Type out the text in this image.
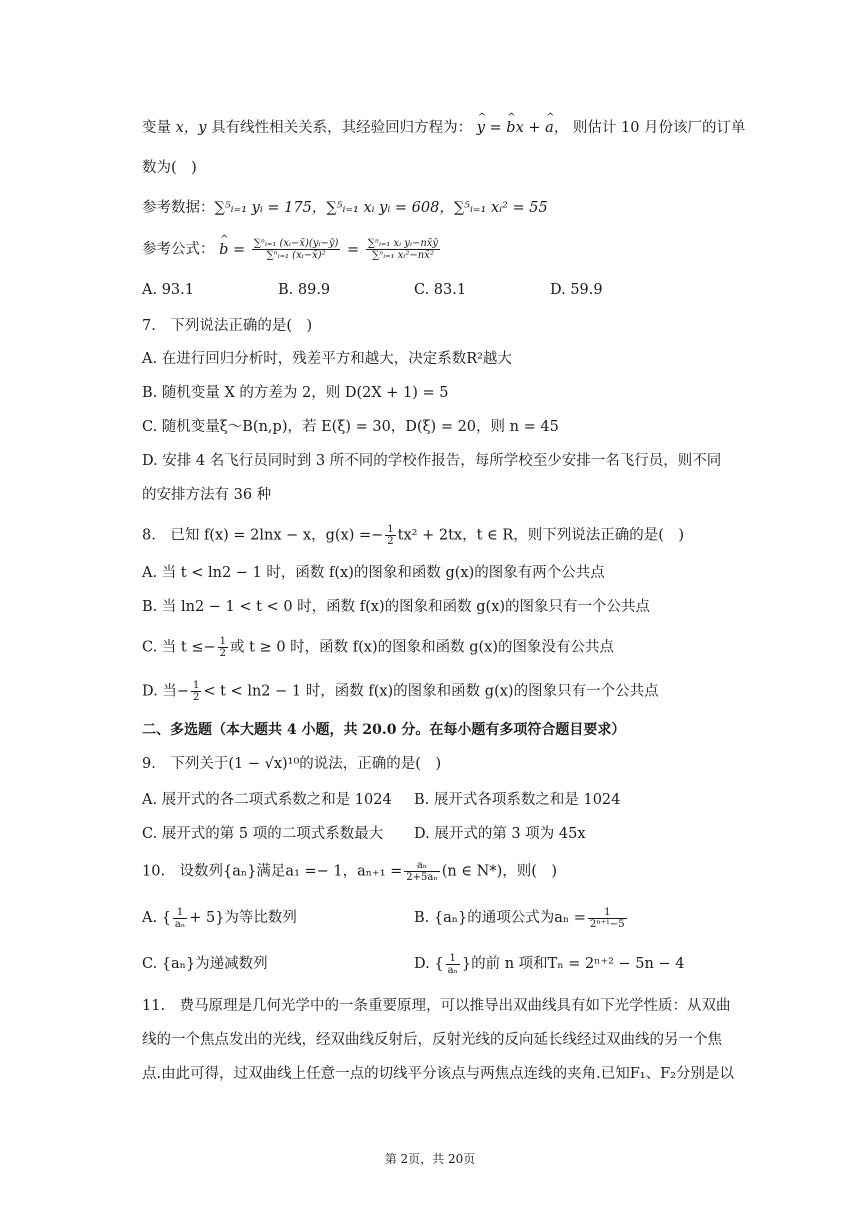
变量 x，y 具有线性相关关系，其经验回归方程为： ^ y = ^ bx + ^ a， 则估计 10 月份该厂的订单
数为(　)
参考数据：∑⁵ᵢ₌₁ yᵢ = 175，∑⁵ᵢ₌₁ xᵢ yᵢ = 608，∑⁵ᵢ₌₁ xᵢ² = 55
参考公式： ^ $b = \frac{\text{∑ⁿᵢ₌₁ (xᵢ−x̄)(yᵢ−ȳ)}}{\text{∑ⁿᵢ₌₁ (xᵢ−x̄)²}} = \frac{\text{∑ⁿᵢ₌₁ xᵢ yᵢ−nx̄ȳ}}{\text{∑ⁿᵢ₌₁ xᵢ²−nx̄²}}$
A. 93.1	B. 89.9	C. 83.1	D. 59.9
7.　下列说法正确的是(　)
A. 在进行回归分析时，残差平方和越大，决定系数R²越大
B. 随机变量 X 的方差为 2，则 D(2X + 1) = 5
C. 随机变量ξ～B(n,p)，若 E(ξ) = 30，D(ξ) = 20，则 n = 45
D. 安排 4 名飞行员同时到 3 所不同的学校作报告，每所学校至少安排一名飞行员，则不同
的安排方法有 36 种
8.　已知 f(x) = 2lnx − x，$g(x) =- \frac{1}{2} tx^2 + 2tx$，t ∈ R，则下列说法正确的是(　)
A. 当 t < ln2 − 1 时，函数 f(x)的图象和函数 g(x)的图象有两个公共点
B. 当 ln2 − 1 < t < 0 时，函数 f(x)的图象和函数 g(x)的图象只有一个公共点
C. 当 $t \le- \frac{1}{2}$ 或 t ≥ 0 时，函数 f(x)的图象和函数 g(x)的图象没有公共点
D. 当− $\frac{1}{2} < t < \ln 2 - 1$ 时，函数 f(x)的图象和函数 g(x)的图象只有一个公共点
二、多选题（本大题共 4 小题，共 20.0 分。在每小题有多项符合题目要求）
9.　下列关于(1 − √x)¹⁰的说法，正确的是(　)
A. 展开式的各二项式系数之和是 1024 B. 展开式各项系数之和是 1024
C. 展开式的第 5 项的二项式系数最大 D. 展开式的第 3 项为 45x
10.　设数列{aₙ}满足a₁ =− 1，$a_{n+1} = \frac{\text{aₙ}}{\text{2+5aₙ}} (n$ ∈ N*)，则(　)
A. { $\frac{1}{\text{aₙ}} + 5$}为等比数列	B. {aₙ}的通项公式为$a_n = \frac{1}{\text{2ⁿ⁺¹−5}}$
C. {aₙ}为递减数列	D. { $\frac{1}{\text{aₙ}}$ }的前 n 项和Tₙ = 2ⁿ⁺² − 5n − 4
11.　费马原理是几何光学中的一条重要原理，可以推导出双曲线具有如下光学性质：从双曲
线的一个焦点发出的光线，经双曲线反射后，反射光线的反向延长线经过双曲线的另一个焦
点.由此可得，过双曲线上任意一点的切线平分该点与两焦点连线的夹角.已知F₁、F₂分别是以
第 2页，共 20页
